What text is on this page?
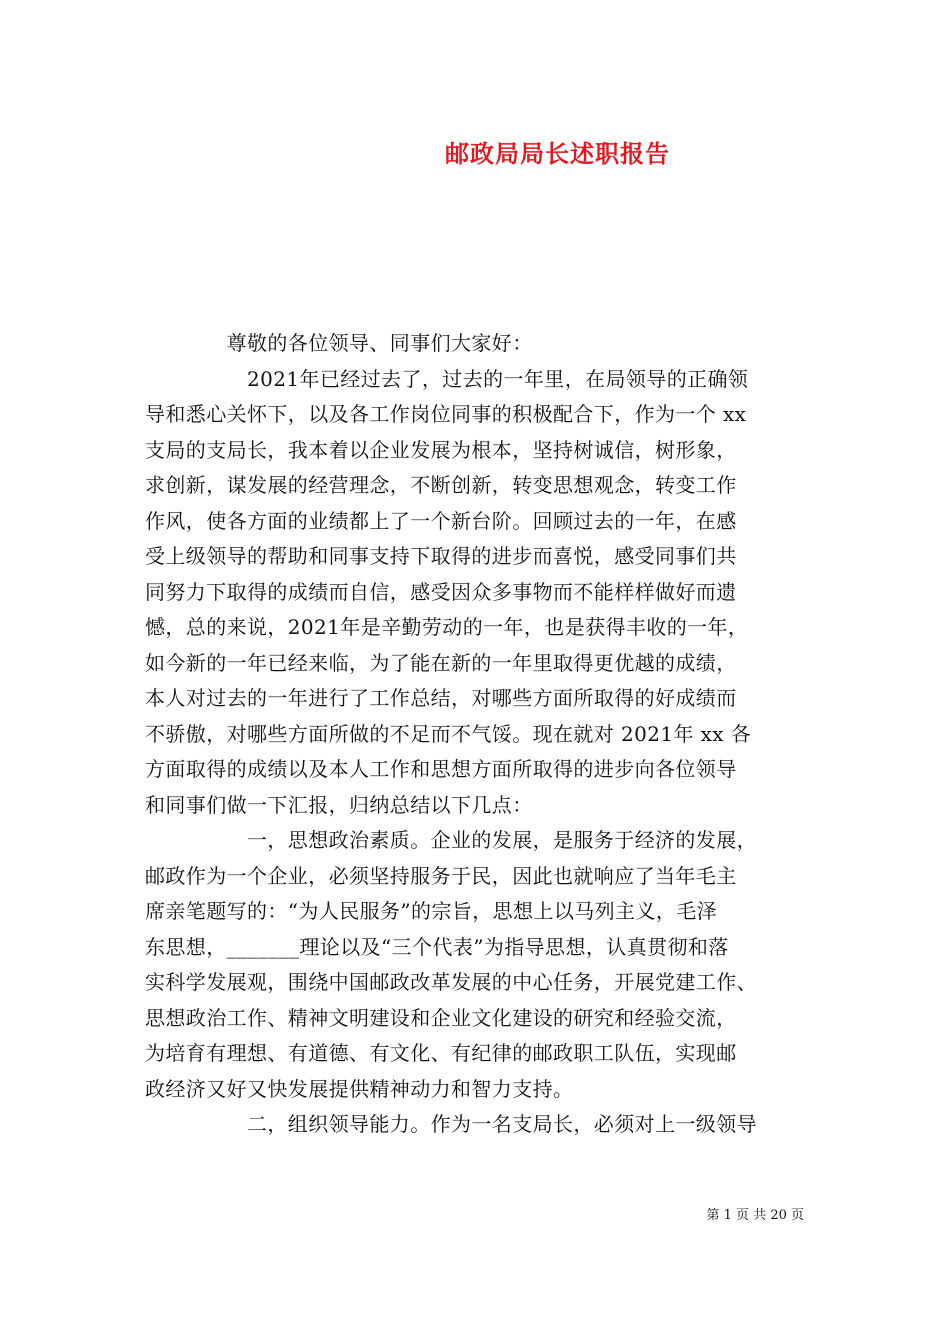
邮政局局长述职报告
　　　　尊敬的各位领导、同事们大家好：
　　　　　2021年已经过去了，过去的一年里，在局领导的正确领
导和悉心关怀下，以及各工作岗位同事的积极配合下，作为一个 xx
支局的支局长，我本着以企业发展为根本，坚持树诚信，树形象，
求创新，谋发展的经营理念，不断创新，转变思想观念，转变工作
作风，使各方面的业绩都上了一个新台阶。回顾过去的一年，在感
受上级领导的帮助和同事支持下取得的进步而喜悦，感受同事们共
同努力下取得的成绩而自信，感受因众多事物而不能样样做好而遗
憾，总的来说，2021年是辛勤劳动的一年，也是获得丰收的一年，
如今新的一年已经来临，为了能在新的一年里取得更优越的成绩，
本人对过去的一年进行了工作总结，对哪些方面所取得的好成绩而
不骄傲，对哪些方面所做的不足而不气馁。现在就对 2021年 xx 各
方面取得的成绩以及本人工作和思想方面所取得的进步向各位领导
和同事们做一下汇报，归纳总结以下几点：
　　　　　一，思想政治素质。企业的发展，是服务于经济的发展，
邮政作为一个企业，必须坚持服务于民，因此也就响应了当年毛主
席亲笔题写的：“为人民服务”的宗旨，思想上以马列主义，毛泽
东思想，_______理论以及“三个代表”为指导思想，认真贯彻和落
实科学发展观，围绕中国邮政改革发展的中心任务，开展党建工作、
思想政治工作、精神文明建设和企业文化建设的研究和经验交流，
为培育有理想、有道德、有文化、有纪律的邮政职工队伍，实现邮
政经济又好又快发展提供精神动力和智力支持。
　　　　　二，组织领导能力。作为一名支局长，必须对上一级领导
第 1 页 共 20 页
